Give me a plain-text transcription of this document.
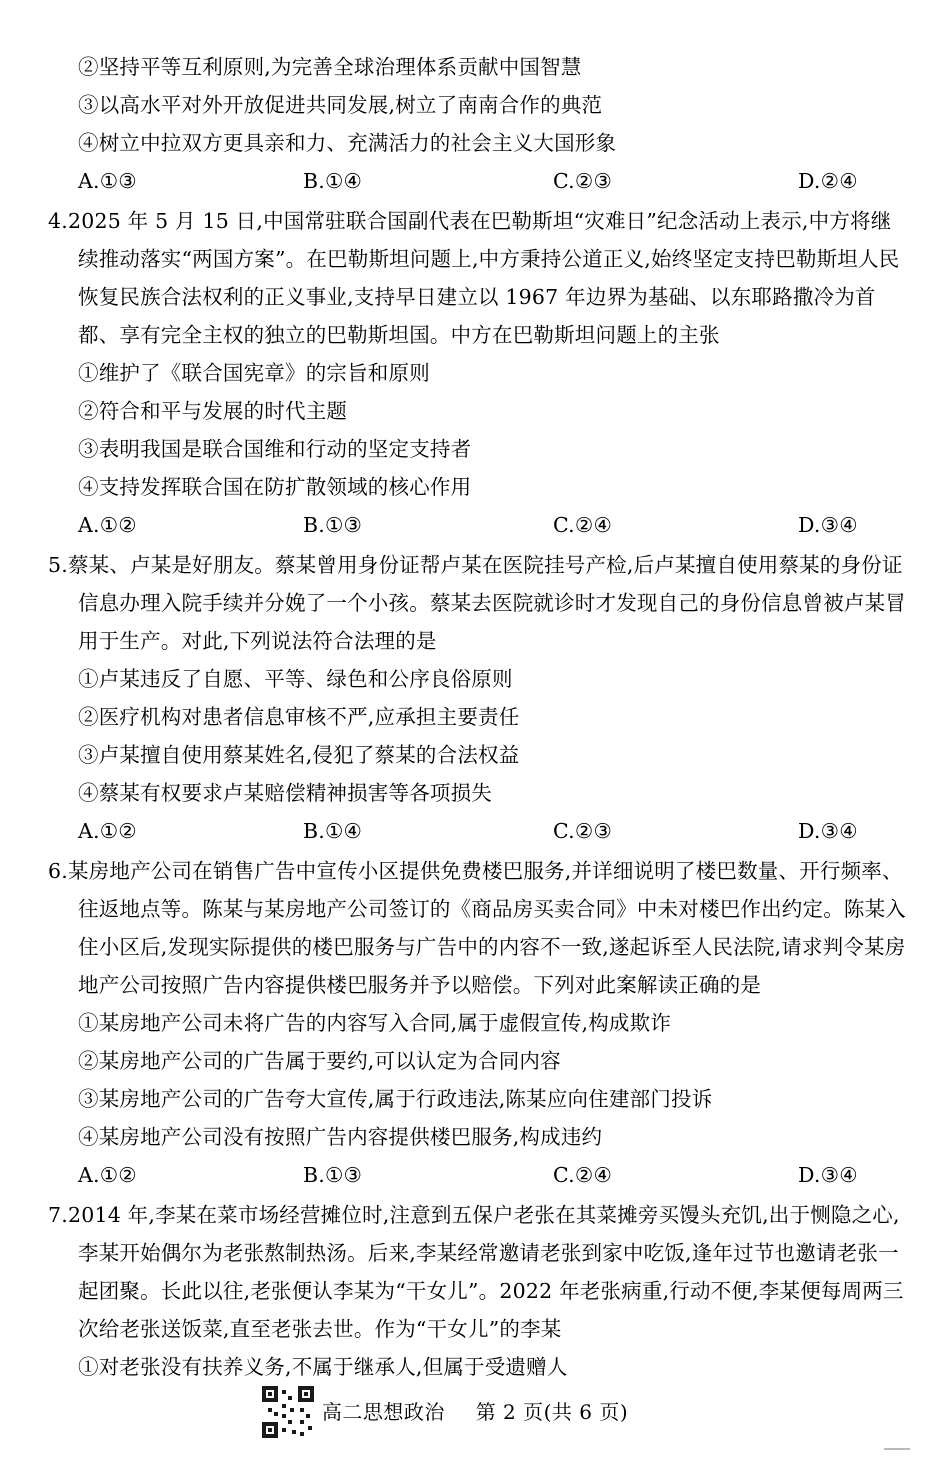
②坚持平等互利原则,为完善全球治理体系贡献中国智慧
③以高水平对外开放促进共同发展,树立了南南合作的典范
④树立中拉双方更具亲和力、充满活力的社会主义大国形象
A.①③	B.①④	C.②③	D.②④
4.2025 年 5 月 15 日,中国常驻联合国副代表在巴勒斯坦“灾难日”纪念活动上表示,中方将继续推动落实“两国方案”。在巴勒斯坦问题上,中方秉持公道正义,始终坚定支持巴勒斯坦人民恢复民族合法权利的正义事业,支持早日建立以 1967 年边界为基础、以东耶路撒冷为首都、享有完全主权的独立的巴勒斯坦国。中方在巴勒斯坦问题上的主张
①维护了《联合国宪章》的宗旨和原则
②符合和平与发展的时代主题
③表明我国是联合国维和行动的坚定支持者
④支持发挥联合国在防扩散领域的核心作用
A.①②	B.①③	C.②④	D.③④
5.蔡某、卢某是好朋友。蔡某曾用身份证帮卢某在医院挂号产检,后卢某擅自使用蔡某的身份证信息办理入院手续并分娩了一个小孩。蔡某去医院就诊时才发现自己的身份信息曾被卢某冒用于生产。对此,下列说法符合法理的是
①卢某违反了自愿、平等、绿色和公序良俗原则
②医疗机构对患者信息审核不严,应承担主要责任
③卢某擅自使用蔡某姓名,侵犯了蔡某的合法权益
④蔡某有权要求卢某赔偿精神损害等各项损失
A.①②	B.①④	C.②③	D.③④
6.某房地产公司在销售广告中宣传小区提供免费楼巴服务,并详细说明了楼巴数量、开行频率、往返地点等。陈某与某房地产公司签订的《商品房买卖合同》中未对楼巴作出约定。陈某入住小区后,发现实际提供的楼巴服务与广告中的内容不一致,遂起诉至人民法院,请求判令某房地产公司按照广告内容提供楼巴服务并予以赔偿。下列对此案解读正确的是
①某房地产公司未将广告的内容写入合同,属于虚假宣传,构成欺诈
②某房地产公司的广告属于要约,可以认定为合同内容
③某房地产公司的广告夸大宣传,属于行政违法,陈某应向住建部门投诉
④某房地产公司没有按照广告内容提供楼巴服务,构成违约
A.①②	B.①③	C.②④	D.③④
7.2014 年,李某在菜市场经营摊位时,注意到五保户老张在其菜摊旁买馒头充饥,出于恻隐之心,李某开始偶尔为老张熬制热汤。后来,李某经常邀请老张到家中吃饭,逢年过节也邀请老张一起团聚。长此以往,老张便认李某为“干女儿”。2022 年老张病重,行动不便,李某便每周两三次给老张送饭菜,直至老张去世。作为“干女儿”的李某
①对老张没有扶养义务,不属于继承人,但属于受遗赠人
高二思想政治 第 2 页(共 6 页)
